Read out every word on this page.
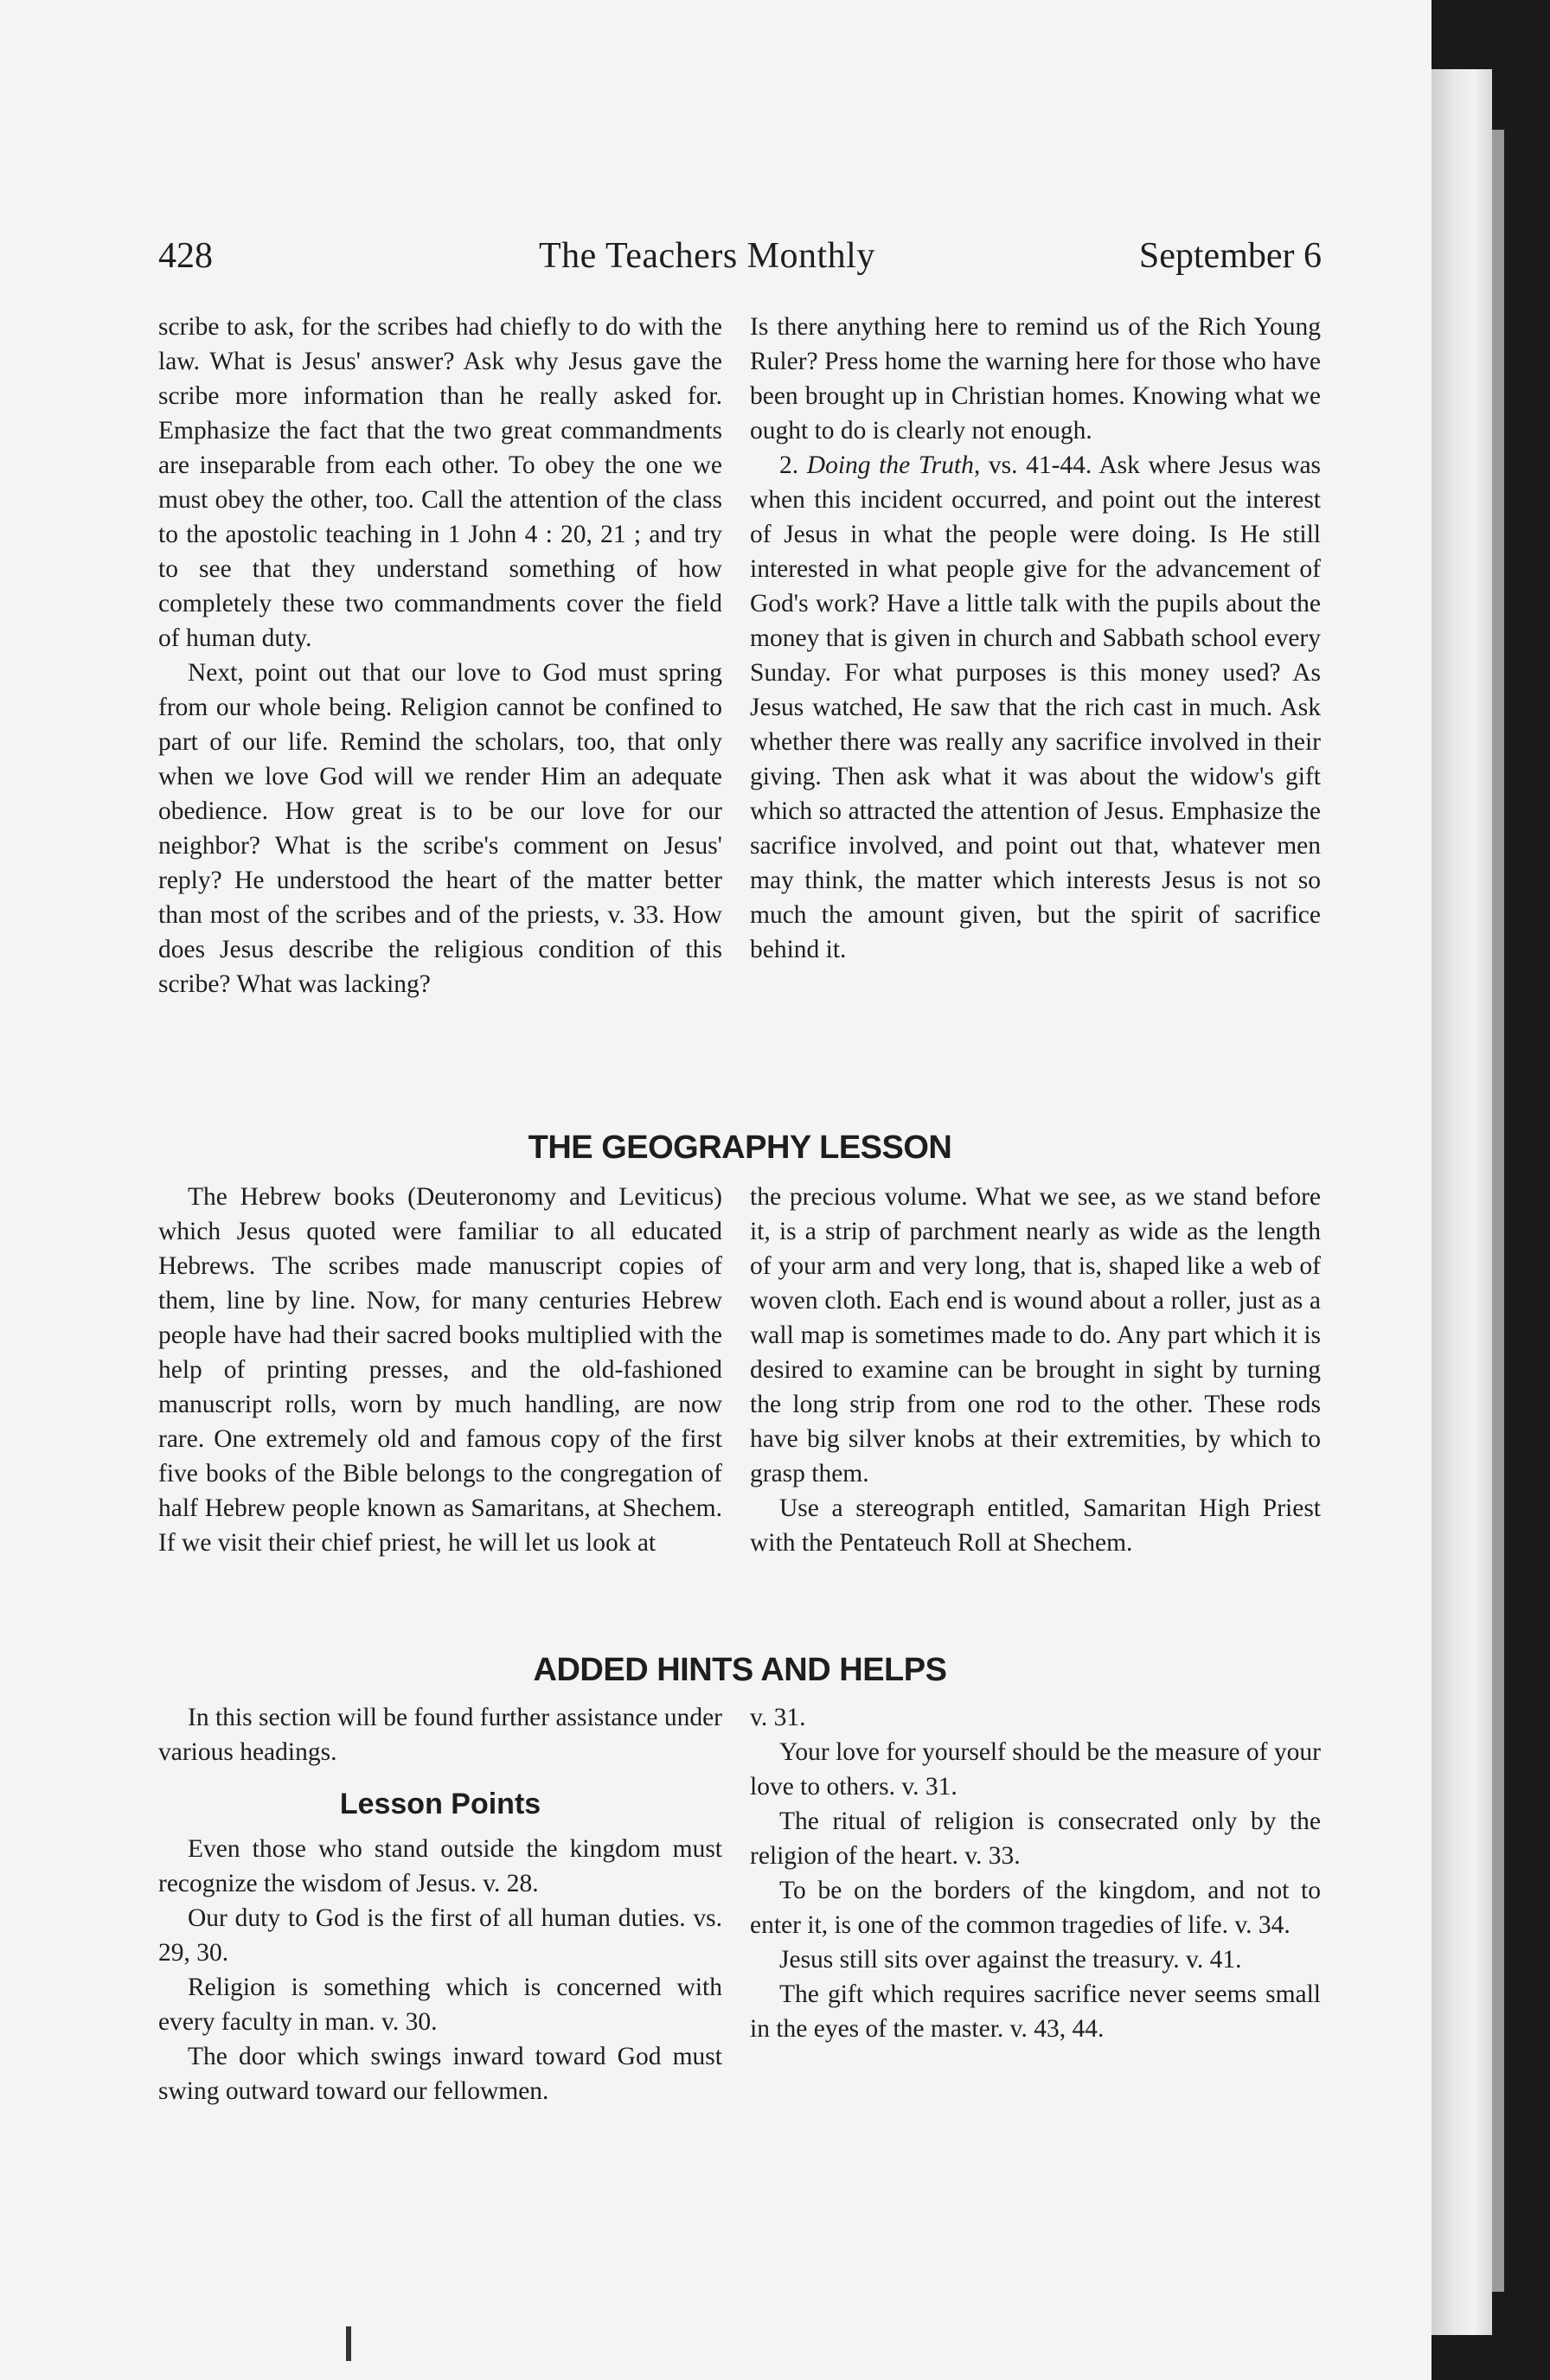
428	The Teachers Monthly	September 6

scribe to ask, for the scribes had chiefly to do with the law. What is Jesus' answer? Ask why Jesus gave the scribe more information than he really asked for. Emphasize the fact that the two great commandments are inseparable from each other. To obey the one we must obey the other, too. Call the attention of the class to the apostolic teaching in 1 John 4 : 20, 21 ; and try to see that they understand something of how completely these two commandments cover the field of human duty.

Next, point out that our love to God must spring from our whole being. Religion cannot be confined to part of our life. Remind the scholars, too, that only when we love God will we render Him an adequate obedience. How great is to be our love for our neighbor? What is the scribe's comment on Jesus' reply? He understood the heart of the matter better than most of the scribes and of the priests, v. 33. How does Jesus describe the religious condition of this scribe? What was lacking?

Is there anything here to remind us of the Rich Young Ruler? Press home the warning here for those who have been brought up in Christian homes. Knowing what we ought to do is clearly not enough.

2. Doing the Truth, vs. 41-44. Ask where Jesus was when this incident occurred, and point out the interest of Jesus in what the people were doing. Is He still interested in what people give for the advancement of God's work? Have a little talk with the pupils about the money that is given in church and Sabbath school every Sunday. For what purposes is this money used? As Jesus watched, He saw that the rich cast in much. Ask whether there was really any sacrifice involved in their giving. Then ask what it was about the widow's gift which so attracted the attention of Jesus. Emphasize the sacrifice involved, and point out that, whatever men may think, the matter which interests Jesus is not so much the amount given, but the spirit of sacrifice behind it.

THE GEOGRAPHY LESSON

The Hebrew books (Deuteronomy and Leviticus) which Jesus quoted were familiar to all educated Hebrews. The scribes made manuscript copies of them, line by line. Now, for many centuries Hebrew people have had their sacred books multiplied with the help of printing presses, and the old-fashioned manuscript rolls, worn by much handling, are now rare. One extremely old and famous copy of the first five books of the Bible belongs to the congregation of half Hebrew people known as Samaritans, at Shechem. If we visit their chief priest, he will let us look at

the precious volume. What we see, as we stand before it, is a strip of parchment nearly as wide as the length of your arm and very long, that is, shaped like a web of woven cloth. Each end is wound about a roller, just as a wall map is sometimes made to do. Any part which it is desired to examine can be brought in sight by turning the long strip from one rod to the other. These rods have big silver knobs at their extremities, by which to grasp them.

Use a stereograph entitled, Samaritan High Priest with the Pentateuch Roll at Shechem.

ADDED HINTS AND HELPS

In this section will be found further assistance under various headings.

Lesson Points

Even those who stand outside the kingdom must recognize the wisdom of Jesus. v. 28.

Our duty to God is the first of all human duties. vs. 29, 30.

Religion is something which is concerned with every faculty in man. v. 30.

The door which swings inward toward God must swing outward toward our fellowmen.

v. 31.

Your love for yourself should be the measure of your love to others. v. 31.

The ritual of religion is consecrated only by the religion of the heart. v. 33.

To be on the borders of the kingdom, and not to enter it, is one of the common tragedies of life. v. 34.

Jesus still sits over against the treasury. v. 41.

The gift which requires sacrifice never seems small in the eyes of the master. v. 43, 44.
